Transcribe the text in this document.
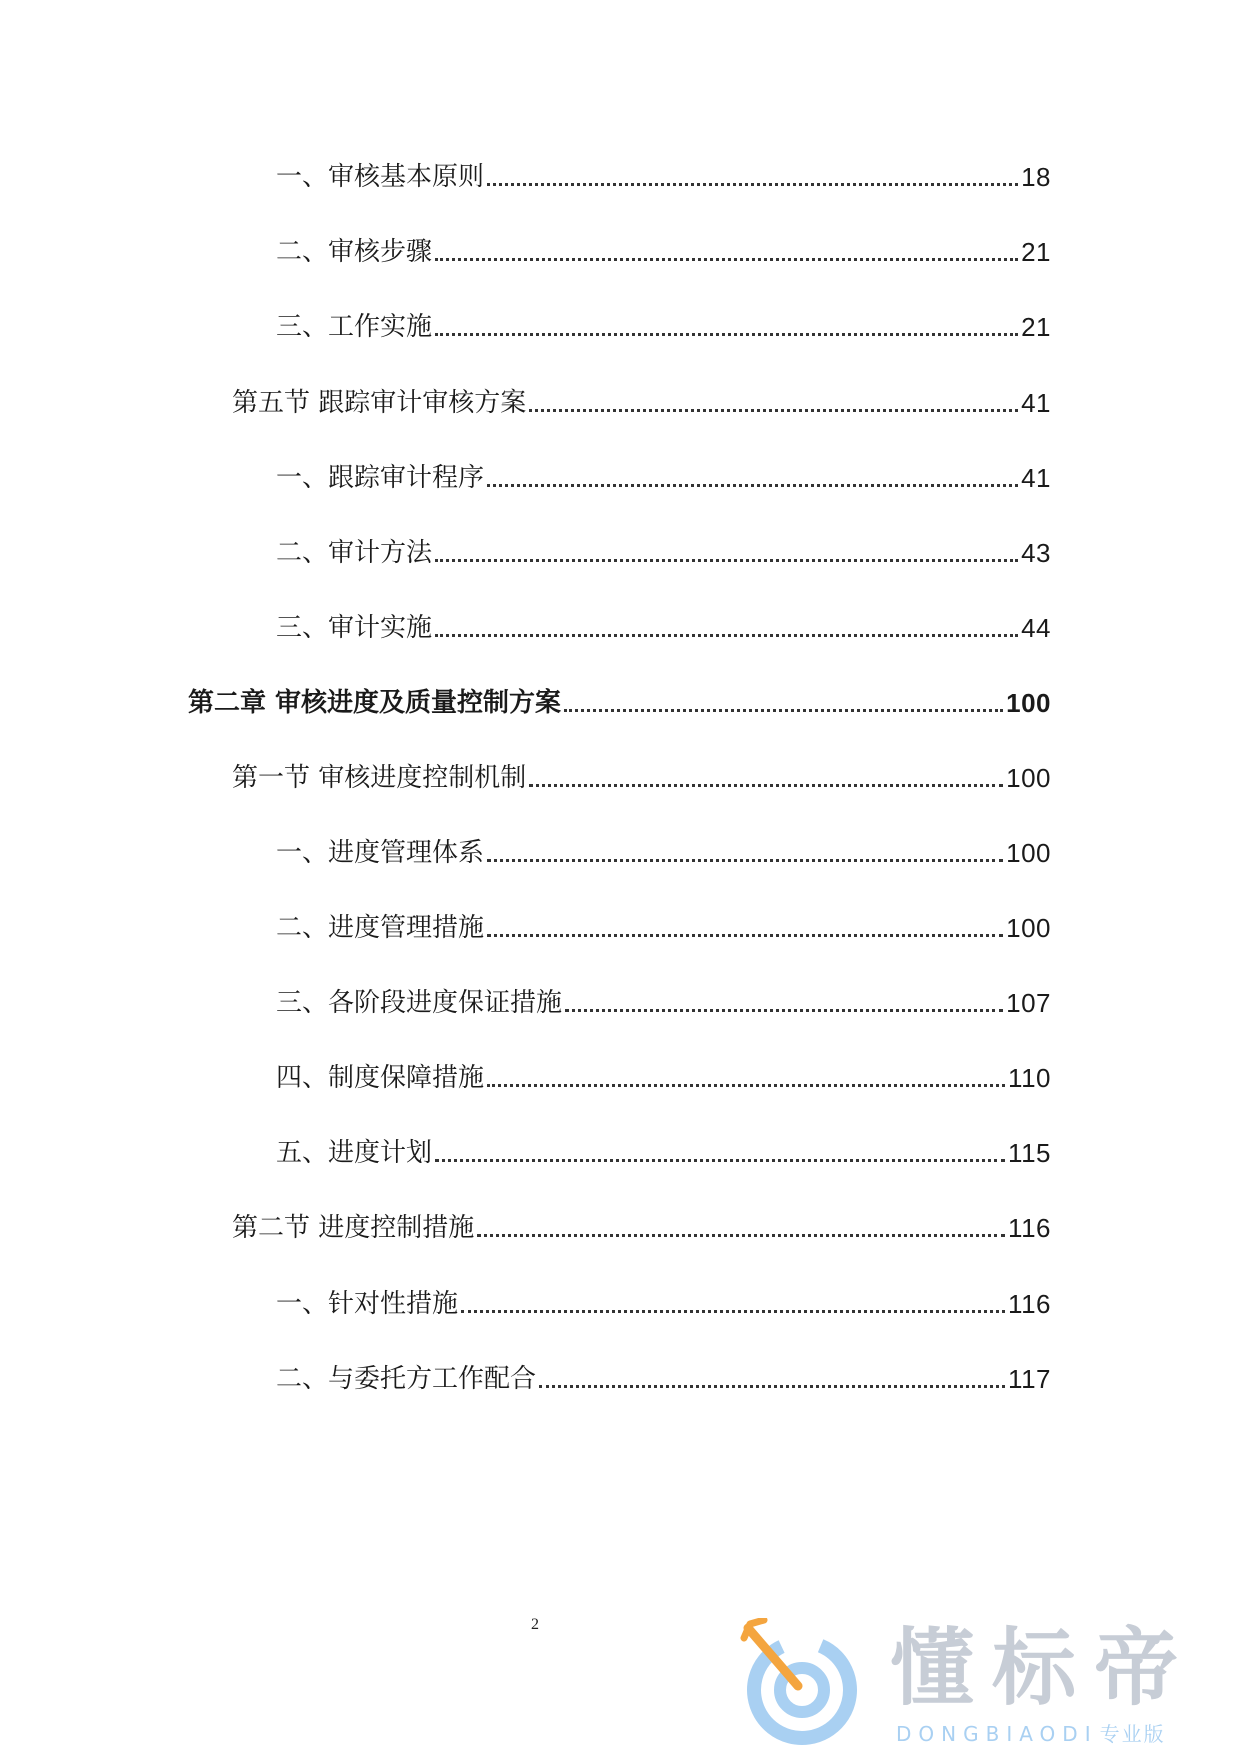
一、审核基本原则	18
二、审核步骤	21
三、工作实施	21
第五节 跟踪审计审核方案	41
一、跟踪审计程序	41
二、审计方法	43
三、审计实施	44
第二章 审核进度及质量控制方案	100
第一节 审核进度控制机制	100
一、进度管理体系	100
二、进度管理措施	100
三、各阶段进度保证措施	107
四、制度保障措施	110
五、进度计划	115
第二节 进度控制措施	116
一、针对性措施	116
二、与委托方工作配合	117
2	懂标帝
DONGBIAODI 专业版
